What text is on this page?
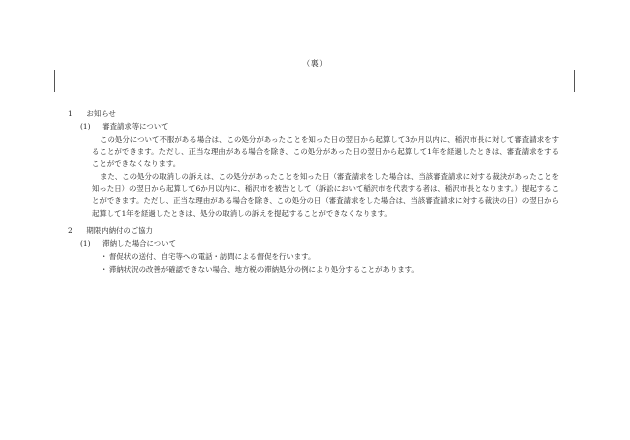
（裏）
1 お知らせ
(1) 審査請求等について
この処分について不服がある場合は、この処分があったことを知った日の翌日から起算して3か月以内に、稲沢市長に対して審査請求をすることができます。ただし、正当な理由がある場合を除き、この処分があった日の翌日から起算して1年を経過したときは、審査請求をすることができなくなります。
また、この処分の取消しの訴えは、この処分があったことを知った日（審査請求をした場合は、当該審査請求に対する裁決があったことを知った日）の翌日から起算して6か月以内に、稲沢市を被告として（訴訟において稲沢市を代表する者は、稲沢市長となります。）提起することができます。ただし、正当な理由がある場合を除き、この処分の日（審査請求をした場合は、当該審査請求に対する裁決の日）の翌日から起算して1年を経過したときは、処分の取消しの訴えを提起することができなくなります。
2 期限内納付のご協力
(1) 滞納した場合について
・ 督促状の送付、自宅等への電話・訪問による督促を行います。
・ 滞納状況の改善が確認できない場合、地方税の滞納処分の例により処分することがあります。
